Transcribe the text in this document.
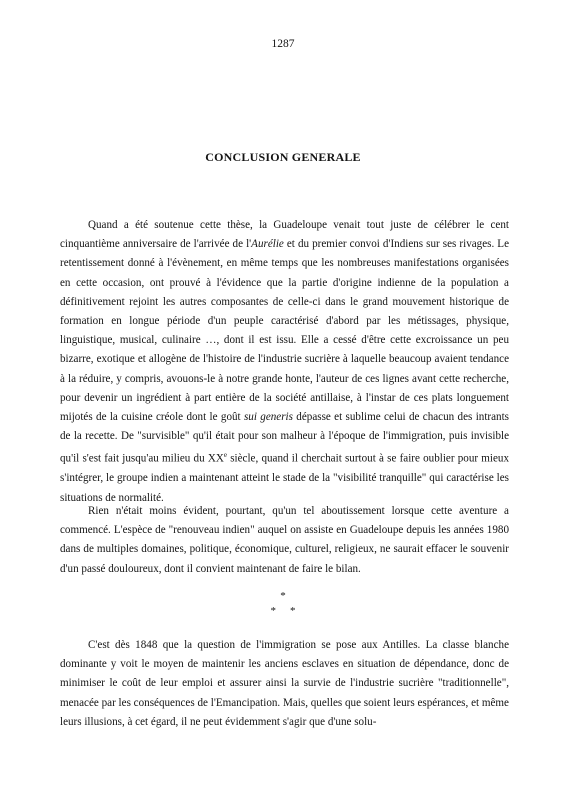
1287
CONCLUSION GENERALE

Quand a été soutenue cette thèse, la Guadeloupe venait tout juste de célébrer le cent cinquantième anniversaire de l'arrivée de l'Aurélie et du premier convoi d'Indiens sur ses rivages. Le retentissement donné à l'évènement, en même temps que les nombreuses manifestations organisées en cette occasion, ont prouvé à l'évidence que la partie d'origine indienne de la population a définitivement rejoint les autres composantes de celle-ci dans le grand mouvement historique de formation en longue période d'un peuple caractérisé d'abord par les métissages, physique, linguistique, musical, culinaire …, dont il est issu. Elle a cessé d'être cette excroissance un peu bizarre, exotique et allogène de l'histoire de l'industrie sucrière à laquelle beaucoup avaient tendance à la réduire, y compris, avouons-le à notre grande honte, l'auteur de ces lignes avant cette recherche, pour devenir un ingrédient à part entière de la société antillaise, à l'instar de ces plats longuement mijotés de la cuisine créole dont le goût sui generis dépasse et sublime celui de chacun des intrants de la recette. De "survisible" qu'il était pour son malheur à l'époque de l'immigration, puis invisible qu'il s'est fait jusqu'au milieu du XXe siècle, quand il cherchait surtout à se faire oublier pour mieux s'intégrer, le groupe indien a maintenant atteint le stade de la "visibilité tranquille" qui caractérise les situations de normalité.

Rien n'était moins évident, pourtant, qu'un tel aboutissement lorsque cette aventure a commencé. L'espèce de "renouveau indien" auquel on assiste en Guadeloupe depuis les années 1980 dans de multiples domaines, politique, économique, culturel, religieux, ne saurait effacer le souvenir d'un passé douloureux, dont il convient maintenant de faire le bilan.

*
* *

C'est dès 1848 que la question de l'immigration se pose aux Antilles. La classe blanche dominante y voit le moyen de maintenir les anciens esclaves en situation de dépendance, donc de minimiser le coût de leur emploi et assurer ainsi la survie de l'industrie sucrière "traditionnelle", menacée par les conséquences de l'Emancipation. Mais, quelles que soient leurs espérances, et même leurs illusions, à cet égard, il ne peut évidemment s'agir que d'une solu-
